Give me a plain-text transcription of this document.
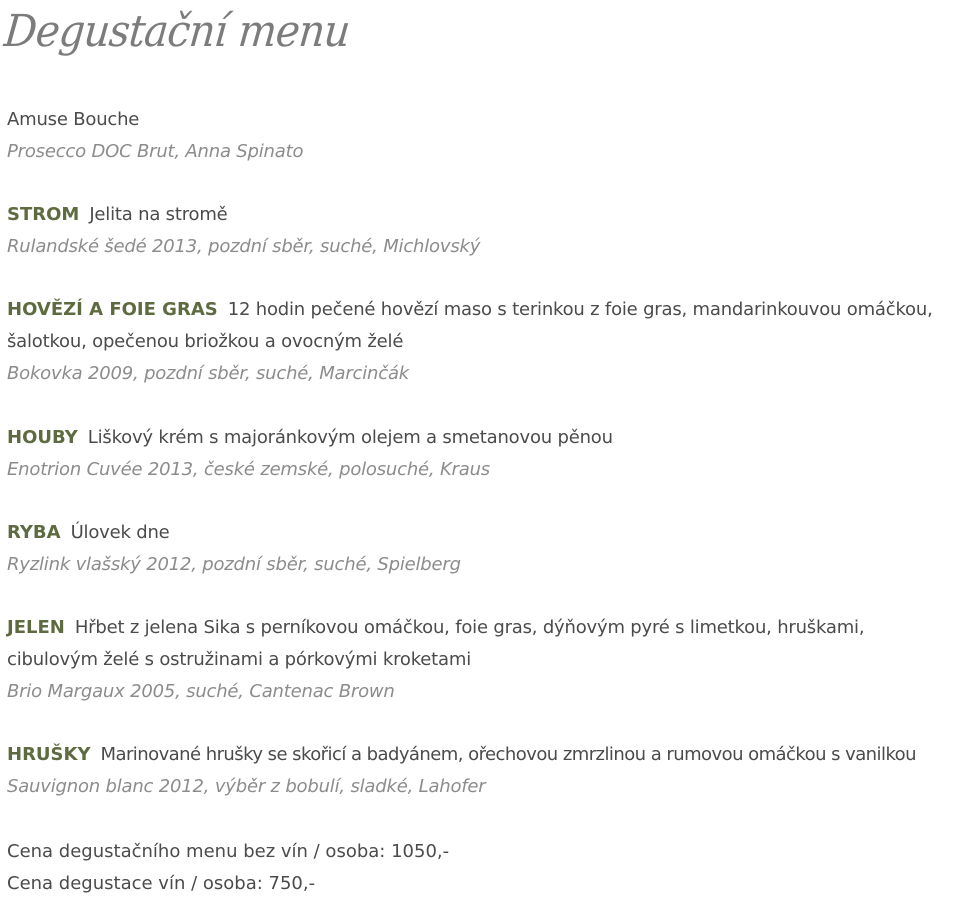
Degustační menu
Amuse Bouche
Prosecco DOC Brut, Anna Spinato
STROM Jelita na stromě
Rulandské šedé 2013, pozdní sběr, suché, Michlovský
HOVĚZÍ A FOIE GRAS 12 hodin pečené hovězí maso s terinkou z foie gras, mandarinkouvou omáčkou,
šalotkou, opečenou briožkou a ovocným želé
Bokovka 2009, pozdní sběr, suché, Marcinčák
HOUBY Liškový krém s majoránkovým olejem a smetanovou pěnou
Enotrion Cuvée 2013, české zemské, polosuché, Kraus
RYBA Úlovek dne
Ryzlink vlašský 2012, pozdní sběr, suché, Spielberg
JELEN Hřbet z jelena Sika s perníkovou omáčkou, foie gras, dýňovým pyré s limetkou, hruškami,
cibulovým želé s ostružinami a pórkovými kroketami
Brio Margaux 2005, suché, Cantenac Brown
HRUŠKY Marinované hrušky se skořicí a badyánem, ořechovou zmrzlinou a rumovou omáčkou s vanilkou
Sauvignon blanc 2012, výběr z bobulí, sladké, Lahofer
Cena degustačního menu bez vín / osoba: 1050,-
Cena degustace vín / osoba: 750,-
